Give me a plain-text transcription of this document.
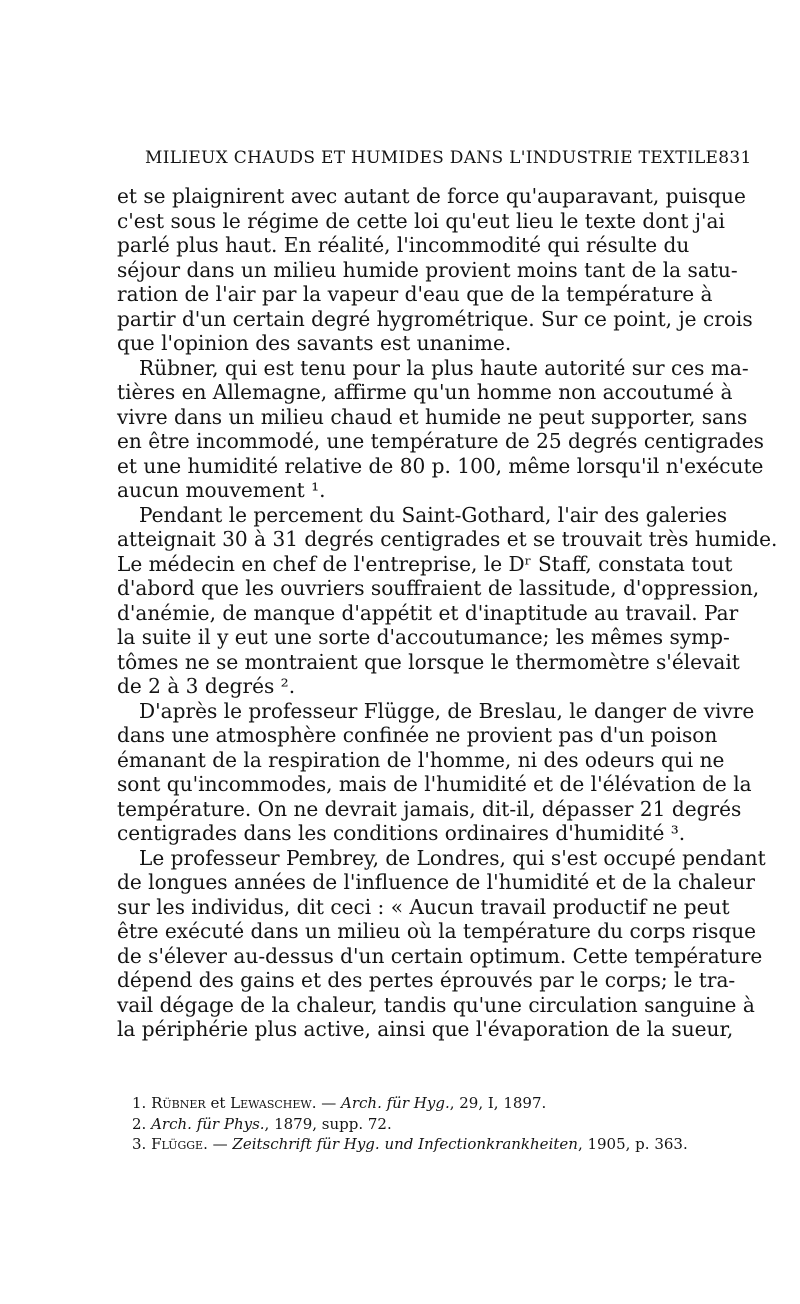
MILIEUX CHAUDS ET HUMIDES DANS L'INDUSTRIE TEXTILE 831
et se plaignirent avec autant de force qu'auparavant, puisque
c'est sous le régime de cette loi qu'eut lieu le texte dont j'ai
parlé plus haut. En réalité, l'incommodité qui résulte du
séjour dans un milieu humide provient moins tant de la satu-
ration de l'air par la vapeur d'eau que de la température à
partir d'un certain degré hygrométrique. Sur ce point, je crois
que l'opinion des savants est unanime.
Rübner, qui est tenu pour la plus haute autorité sur ces ma-
tières en Allemagne, affirme qu'un homme non accoutumé à
vivre dans un milieu chaud et humide ne peut supporter, sans
en être incommodé, une température de 25 degrés centigrades
et une humidité relative de 80 p. 100, même lorsqu'il n'exécute
aucun mouvement ¹.
Pendant le percement du Saint-Gothard, l'air des galeries
atteignait 30 à 31 degrés centigrades et se trouvait très humide.
Le médecin en chef de l'entreprise, le Dʳ Staff, constata tout
d'abord que les ouvriers souffraient de lassitude, d'oppression,
d'anémie, de manque d'appétit et d'inaptitude au travail. Par
la suite il y eut une sorte d'accoutumance; les mêmes symp-
tômes ne se montraient que lorsque le thermomètre s'élevait
de 2 à 3 degrés ².
D'après le professeur Flügge, de Breslau, le danger de vivre
dans une atmosphère confinée ne provient pas d'un poison
émanant de la respiration de l'homme, ni des odeurs qui ne
sont qu'incommodes, mais de l'humidité et de l'élévation de la
température. On ne devrait jamais, dit-il, dépasser 21 degrés
centigrades dans les conditions ordinaires d'humidité ³.
Le professeur Pembrey, de Londres, qui s'est occupé pendant
de longues années de l'influence de l'humidité et de la chaleur
sur les individus, dit ceci : « Aucun travail productif ne peut
être exécuté dans un milieu où la température du corps risque
de s'élever au-dessus d'un certain optimum. Cette température
dépend des gains et des pertes éprouvés par le corps; le tra-
vail dégage de la chaleur, tandis qu'une circulation sanguine à
la périphérie plus active, ainsi que l'évaporation de la sueur,
1. Rübner et Lewaschew. — Arch. für Hyg., 29, I, 1897.
2. Arch. für Phys., 1879, supp. 72.
3. Flügge. — Zeitschrift für Hyg. und Infectionkrankheiten, 1905, p. 363.
